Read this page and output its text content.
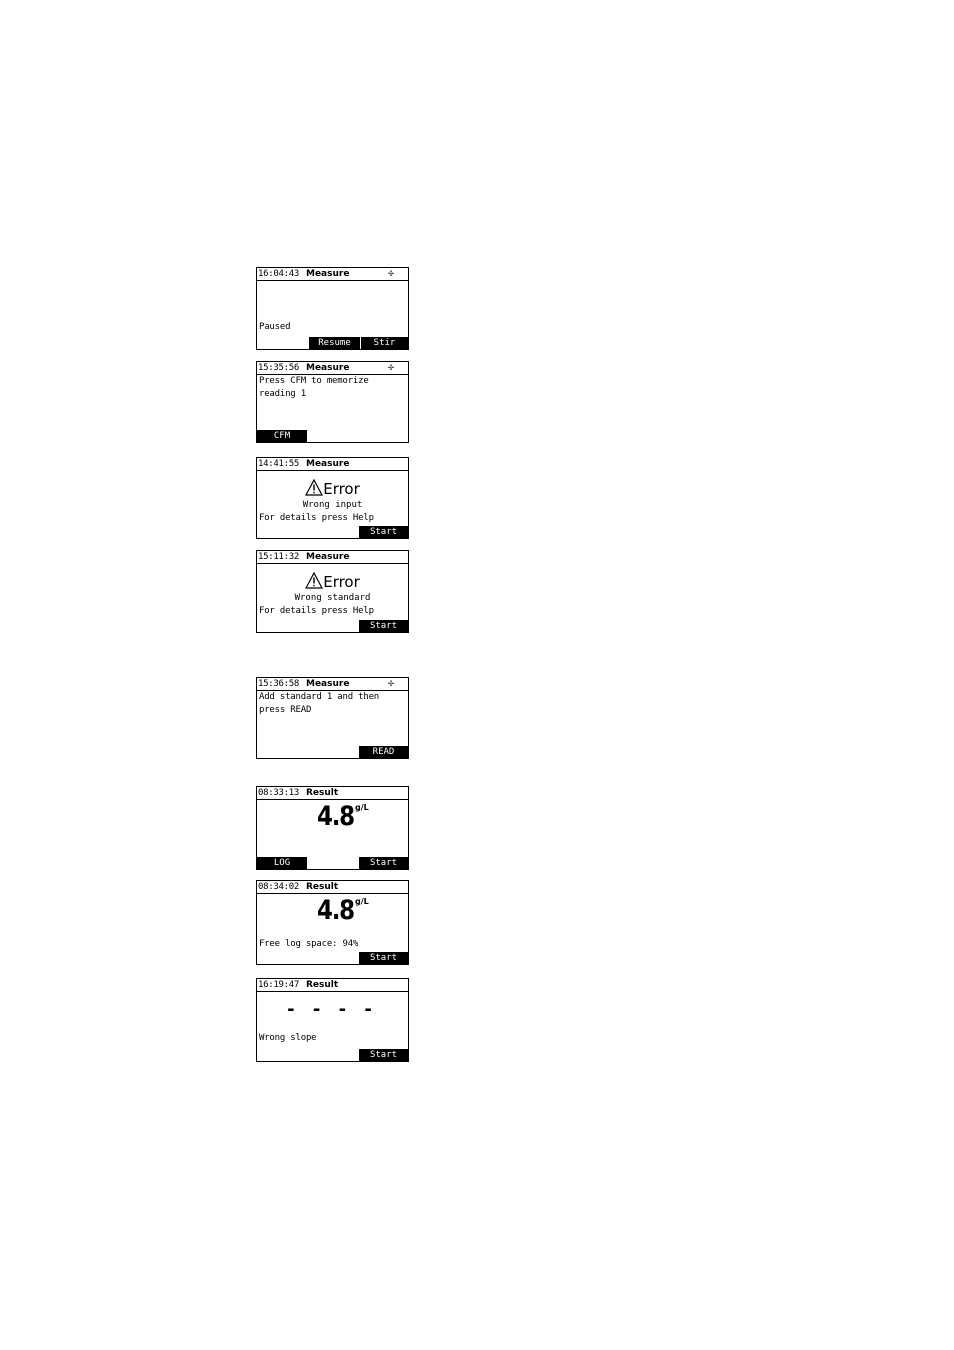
16:04:43 Measure	✢
Paused
Resume	Stir
15:35:56 Measure	✢
Press CFM to memorize
reading 1
CFM
14:41:55 Measure
Error
Wrong input
For details press Help
Start
15:11:32 Measure
Error
Wrong standard
For details press Help
Start
15:36:58 Measure	✢
Add standard 1 and then
press READ
READ
08:33:13 Result
4.8 g/L
LOG	Start
08:34:02 Result
4.8 g/L
Free log space: 94%
Start
16:19:47 Result
- - - -
Wrong slope
Start
